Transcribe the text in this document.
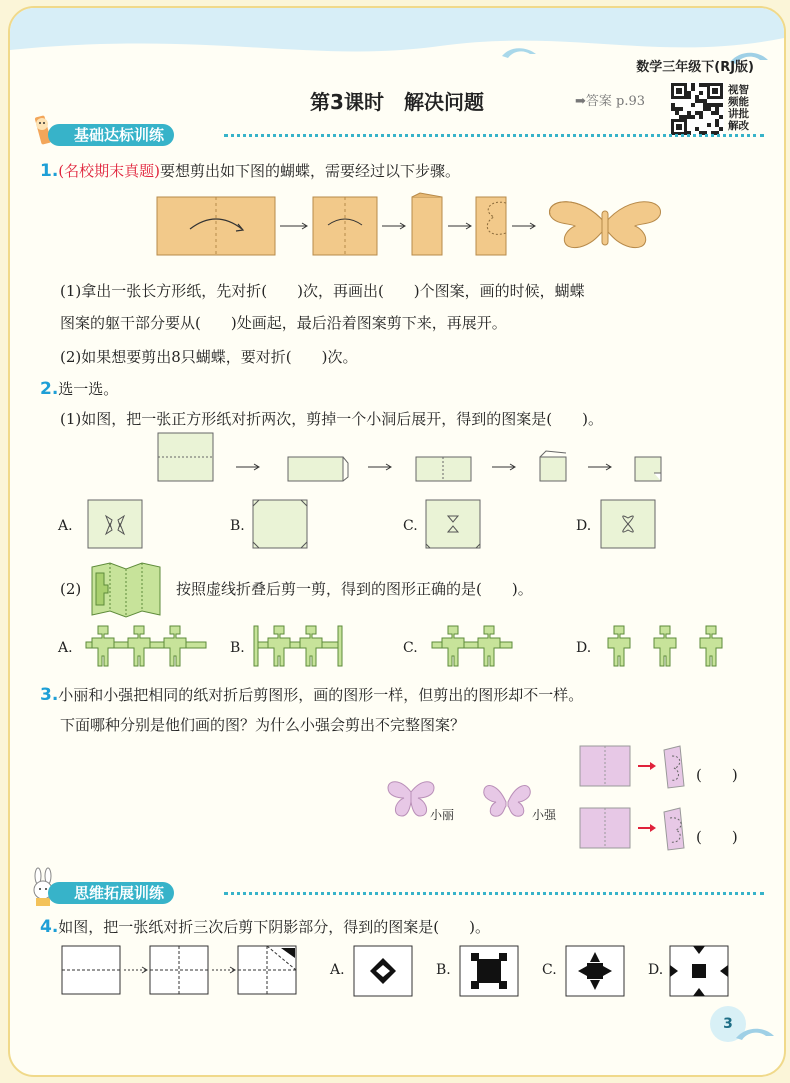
数学三年级下(RJ版)
第3课时　解决问题	➡答案 p.93
视智
频能
讲批
解改
基础达标训练
1.(名校期末真题)要想剪出如下图的蝴蝶，需要经过以下步骤。
(1)拿出一张长方形纸，先对折(　　)次，再画出(　　)个图案，画的时候，蝴蝶
图案的躯干部分要从(　　)处画起，最后沿着图案剪下来，再展开。
(2)如果想要剪出8只蝴蝶，要对折(　　)次。
2.选一选。
(1)如图，把一张正方形纸对折两次，剪掉一个小洞后展开，得到的图案是(　　)。
A.	B.	C.	D.
(2)	按照虚线折叠后剪一剪，得到的图形正确的是(　　)。
A.	B.	C.	D.
3.小丽和小强把相同的纸对折后剪图形，画的图形一样，但剪出的图形却不一样。
下面哪种分别是他们画的图？为什么小强会剪出不完整图案？
小丽	小强
(　　)
(　　)
思维拓展训练
4.如图，把一张纸对折三次后剪下阴影部分，得到的图案是(　　)。
A.	B.	C.	D.
3
